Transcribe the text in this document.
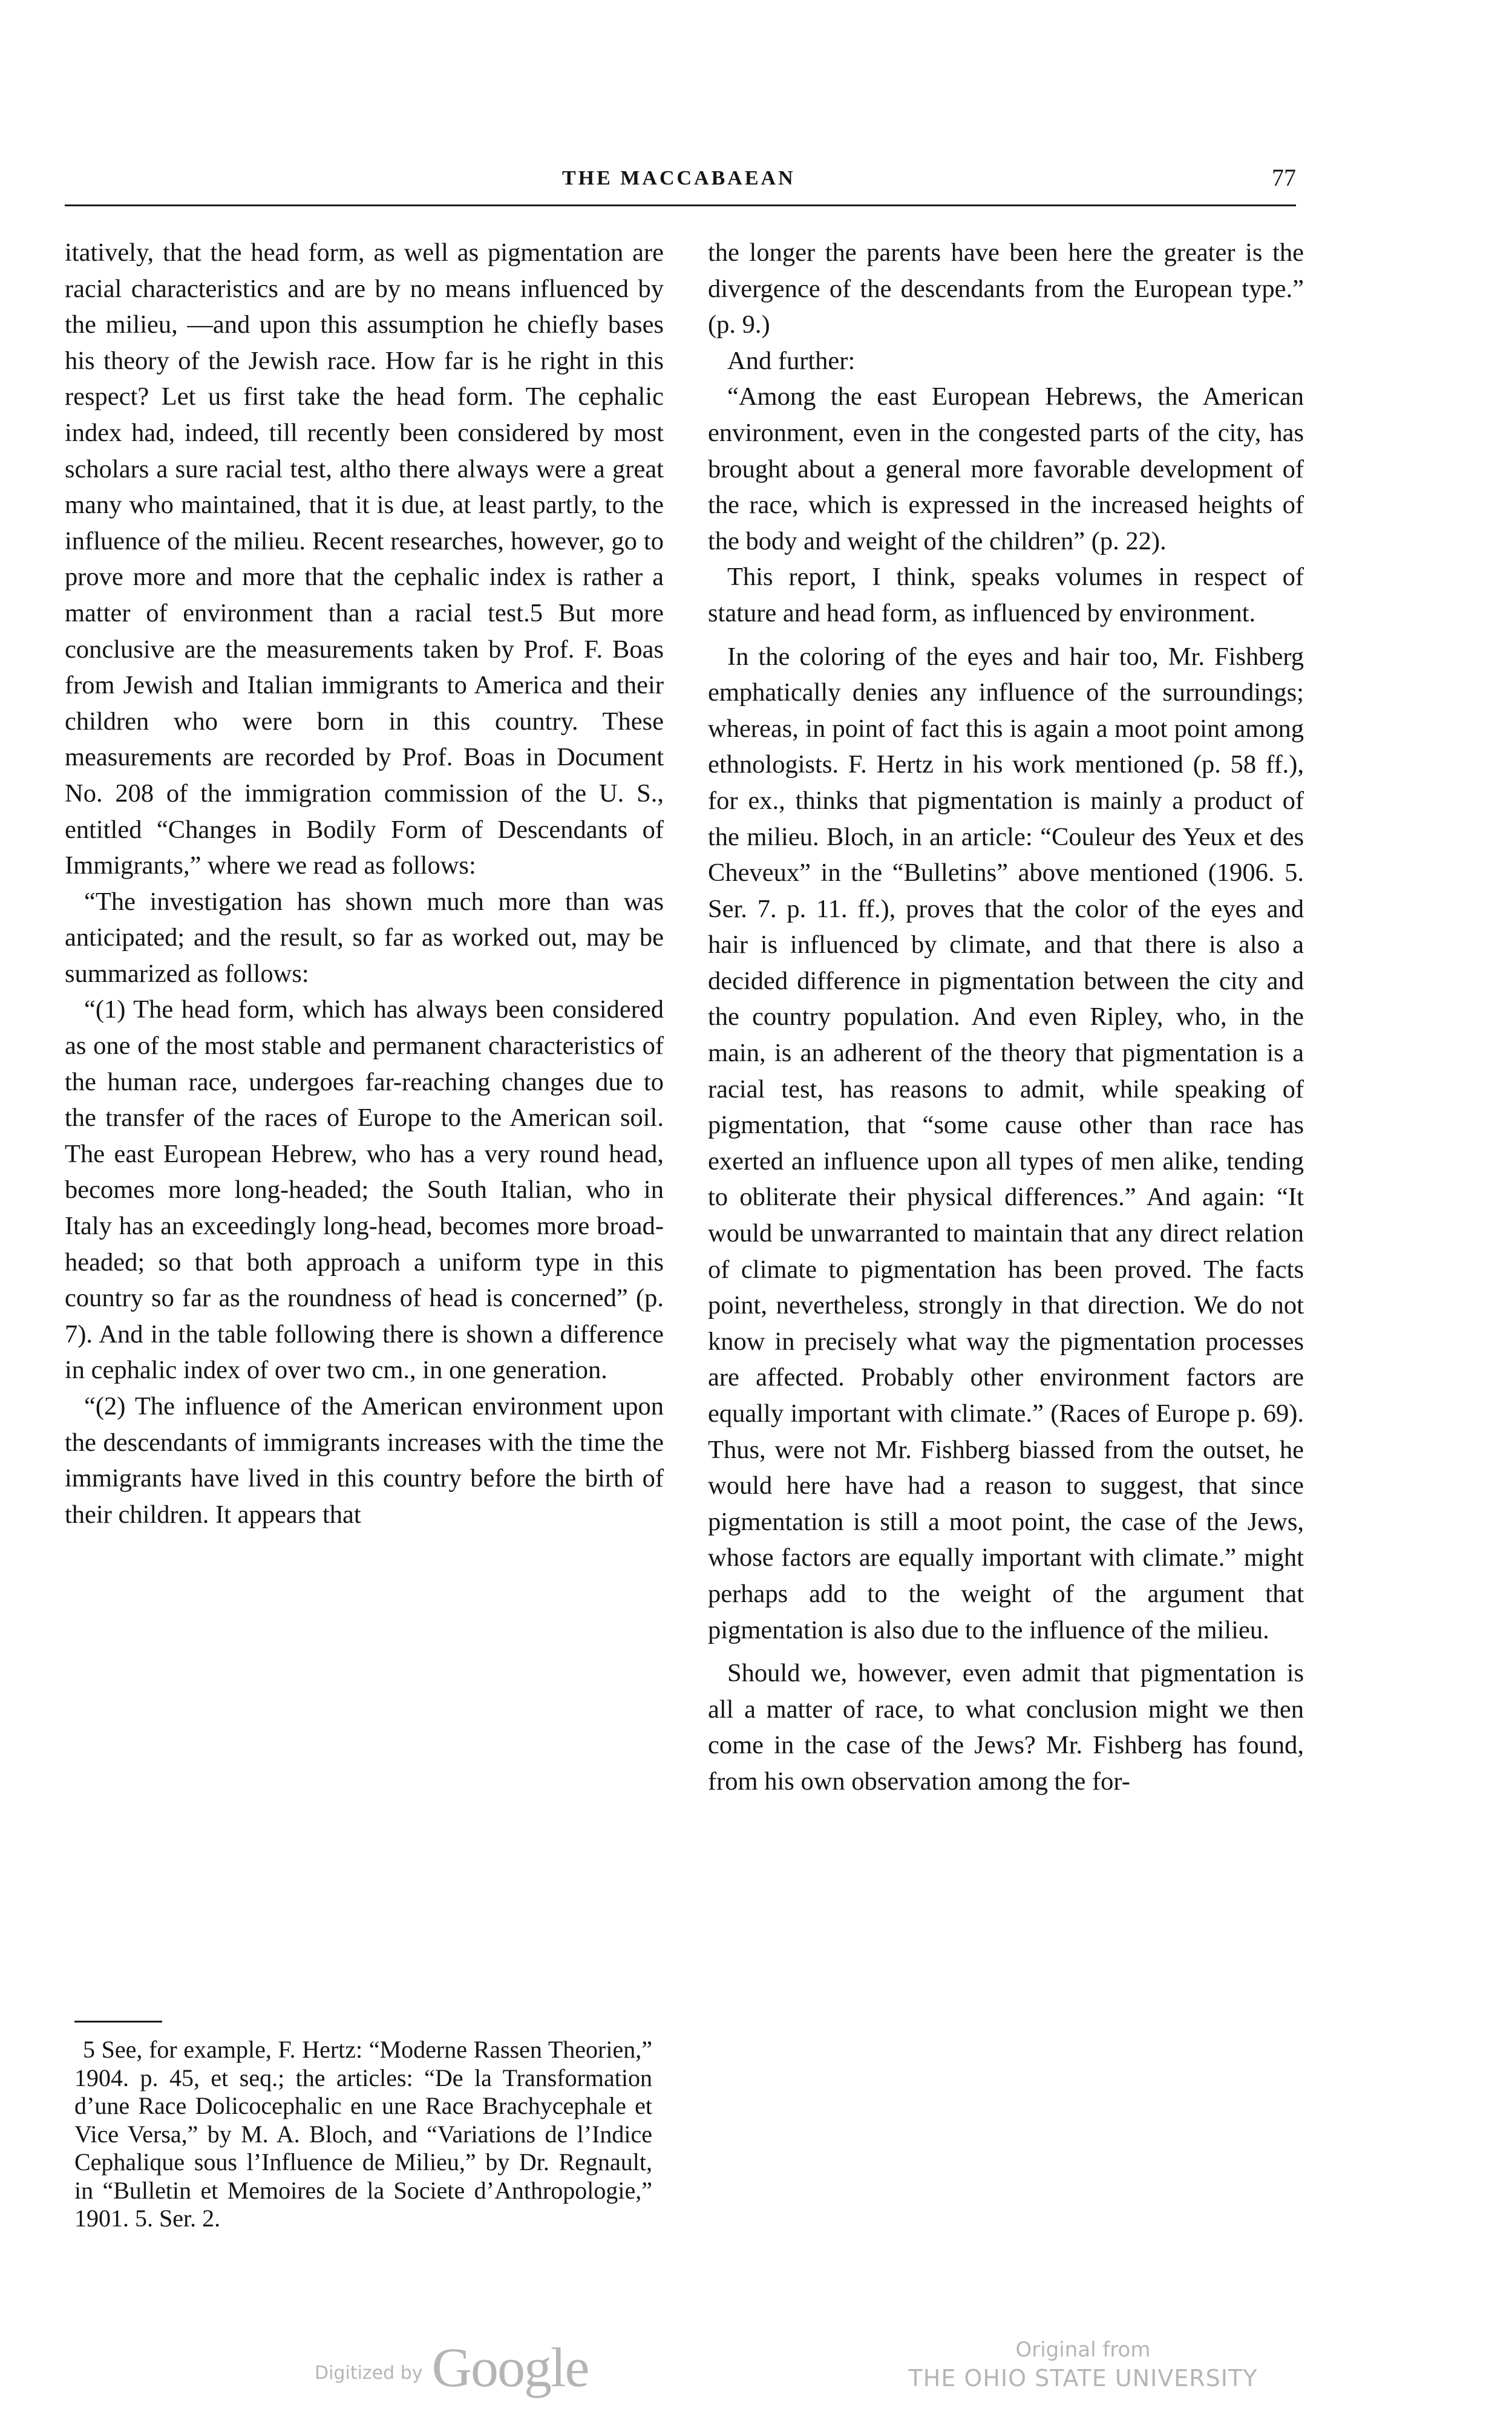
THE MACCABAEAN	77

itatively, that the head form, as well as pigmentation are racial characteristics and are by no means influenced by the milieu, —and upon this assumption he chiefly bases his theory of the Jewish race. How far is he right in this respect? Let us first take the head form. The cephalic index had, indeed, till recently been considered by most scholars a sure racial test, altho there always were a great many who maintained, that it is due, at least partly, to the influence of the milieu. Recent researches, however, go to prove more and more that the cephalic index is rather a matter of environment than a racial test.5 But more conclusive are the measurements taken by Prof. F. Boas from Jewish and Italian immigrants to America and their children who were born in this country. These measurements are recorded by Prof. Boas in Document No. 208 of the immigration commission of the U. S., entitled “Changes in Bodily Form of Descendants of Immigrants,” where we read as follows:

“The investigation has shown much more than was anticipated; and the result, so far as worked out, may be summarized as follows:

“(1) The head form, which has always been considered as one of the most stable and permanent characteristics of the human race, undergoes far-reaching changes due to the transfer of the races of Europe to the American soil. The east European Hebrew, who has a very round head, becomes more long-headed; the South Italian, who in Italy has an exceedingly long-head, becomes more broad-headed; so that both approach a uniform type in this country so far as the roundness of head is concerned” (p. 7). And in the table following there is shown a difference in cephalic index of over two cm., in one generation.

“(2) The influence of the American environment upon the descendants of immigrants increases with the time the immigrants have lived in this country before the birth of their children. It appears that

the longer the parents have been here the greater is the divergence of the descendants from the European type.” (p. 9.)

And further:

“Among the east European Hebrews, the American environment, even in the congested parts of the city, has brought about a general more favorable development of the race, which is expressed in the increased heights of the body and weight of the children” (p. 22).

This report, I think, speaks volumes in respect of stature and head form, as influenced by environment.

In the coloring of the eyes and hair too, Mr. Fishberg emphatically denies any influence of the surroundings; whereas, in point of fact this is again a moot point among ethnologists. F. Hertz in his work mentioned (p. 58 ff.), for ex., thinks that pigmentation is mainly a product of the milieu. Bloch, in an article: “Couleur des Yeux et des Cheveux” in the “Bulletins” above mentioned (1906. 5. Ser. 7. p. 11. ff.), proves that the color of the eyes and hair is influenced by climate, and that there is also a decided difference in pigmentation between the city and the country population. And even Ripley, who, in the main, is an adherent of the theory that pigmentation is a racial test, has reasons to admit, while speaking of pigmentation, that “some cause other than race has exerted an influence upon all types of men alike, tending to obliterate their physical differences.” And again: “It would be unwarranted to maintain that any direct relation of climate to pigmentation has been proved. The facts point, nevertheless, strongly in that direction. We do not know in precisely what way the pigmentation processes are affected. Probably other environment factors are equally important with climate.” (Races of Europe p. 69). Thus, were not Mr. Fishberg biassed from the outset, he would here have had a reason to suggest, that since pigmentation is still a moot point, the case of the Jews, whose factors are equally important with climate.” might perhaps add to the weight of the argument that pigmentation is also due to the influence of the milieu.

Should we, however, even admit that pigmentation is all a matter of race, to what conclusion might we then come in the case of the Jews? Mr. Fishberg has found, from his own observation among the for-

5 See, for example, F. Hertz: “Moderne Rassen Theorien,” 1904. p. 45, et seq.; the articles: “De la Transformation d’une Race Dolicocephalic en une Race Brachycephale et Vice Versa,” by M. A. Bloch, and “Variations de l’Indice Cephalique sous l’Influence de Milieu,” by Dr. Regnault, in “Bulletin et Memoires de la Societe d’Anthropologie,” 1901. 5. Ser. 2.

Digitized by Google	Original from
THE OHIO STATE UNIVERSITY
